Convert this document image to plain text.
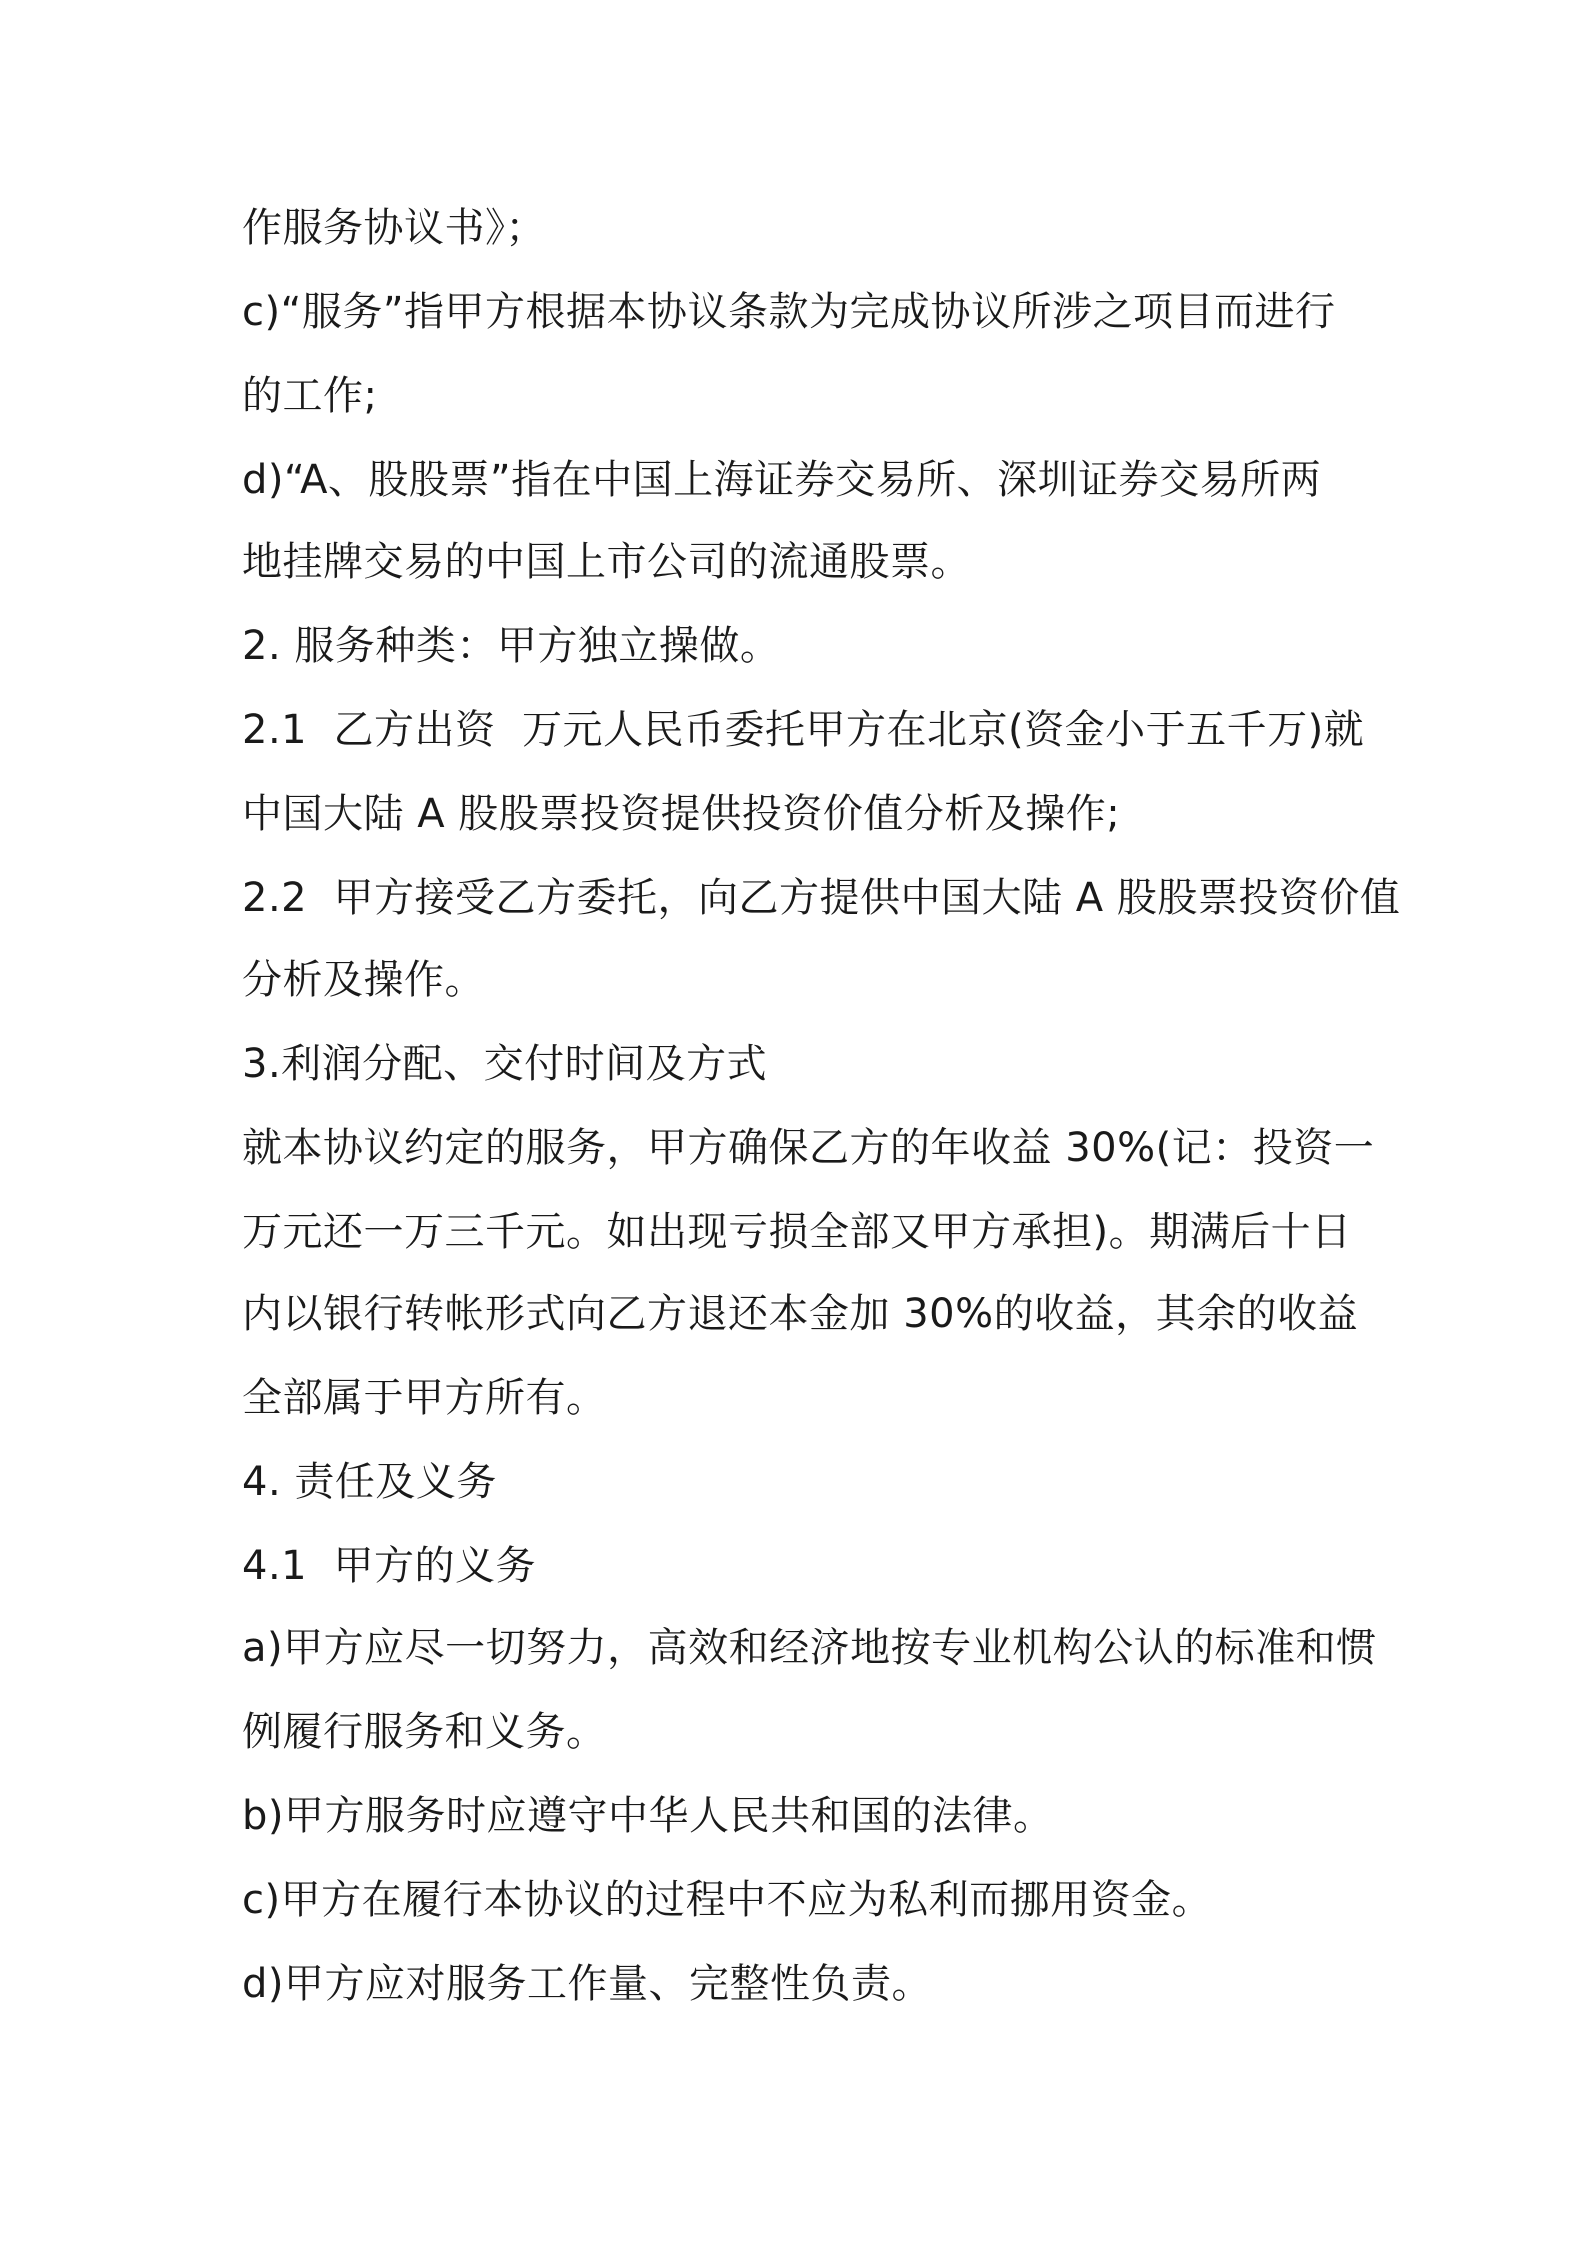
作服务协议书》；
c)“服务”指甲方根据本协议条款为完成协议所涉之项目而进行
的工作;
d)“A、股股票”指在中国上海证券交易所、深圳证券交易所两
地挂牌交易的中国上市公司的流通股票。
2. 服务种类：甲方独立操做。
2.1  乙方出资  万元人民币委托甲方在北京(资金小于五千万)就
中国大陆 A 股股票投资提供投资价值分析及操作;
2.2  甲方接受乙方委托，向乙方提供中国大陆 A 股股票投资价值
分析及操作。
3.利润分配、交付时间及方式
就本协议约定的服务，甲方确保乙方的年收益 30%(记：投资一
万元还一万三千元。如出现亏损全部又甲方承担)。期满后十日
内以银行转帐形式向乙方退还本金加 30%的收益，其余的收益
全部属于甲方所有。
4. 责任及义务
4.1  甲方的义务
a)甲方应尽一切努力，高效和经济地按专业机构公认的标准和惯
例履行服务和义务。
b)甲方服务时应遵守中华人民共和国的法律。
c)甲方在履行本协议的过程中不应为私利而挪用资金。
d)甲方应对服务工作量、完整性负责。
